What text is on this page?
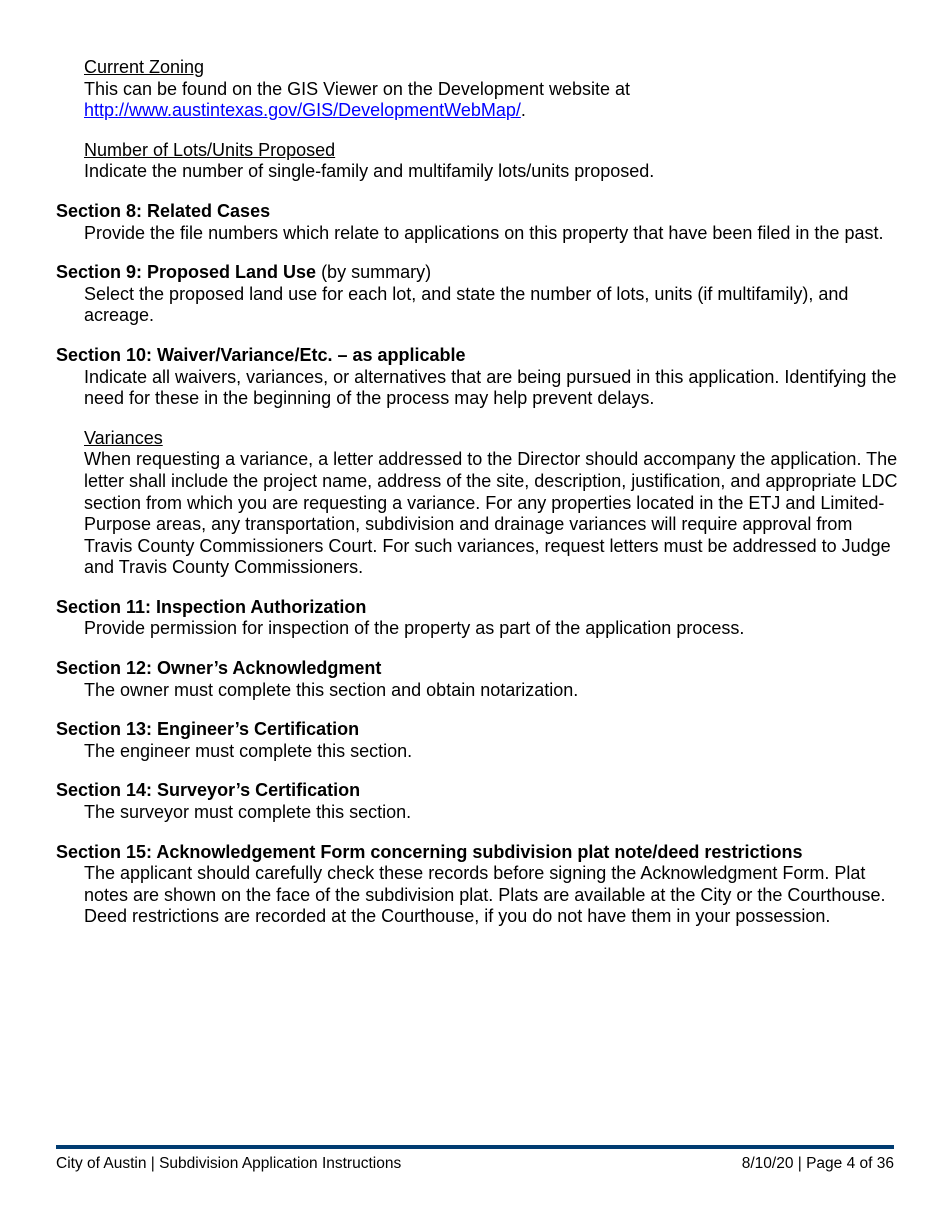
Current Zoning
This can be found on the GIS Viewer on the Development website at
http://www.austintexas.gov/GIS/DevelopmentWebMap/.
Number of Lots/Units Proposed
Indicate the number of single-family and multifamily lots/units proposed.
Section 8: Related Cases
Provide the file numbers which relate to applications on this property that have been filed in the past.
Section 9: Proposed Land Use (by summary)
Select the proposed land use for each lot, and state the number of lots, units (if multifamily), and acreage.
Section 10: Waiver/Variance/Etc. – as applicable
Indicate all waivers, variances, or alternatives that are being pursued in this application. Identifying the need for these in the beginning of the process may help prevent delays.
Variances
When requesting a variance, a letter addressed to the Director should accompany the application. The letter shall include the project name, address of the site, description, justification, and appropriate LDC section from which you are requesting a variance. For any properties located in the ETJ and Limited-Purpose areas, any transportation, subdivision and drainage variances will require approval from Travis County Commissioners Court. For such variances, request letters must be addressed to Judge and Travis County Commissioners.
Section 11: Inspection Authorization
Provide permission for inspection of the property as part of the application process.
Section 12: Owner’s Acknowledgment
The owner must complete this section and obtain notarization.
Section 13: Engineer’s Certification
The engineer must complete this section.
Section 14: Surveyor’s Certification
The surveyor must complete this section.
Section 15: Acknowledgement Form concerning subdivision plat note/deed restrictions
The applicant should carefully check these records before signing the Acknowledgment Form. Plat notes are shown on the face of the subdivision plat. Plats are available at the City or the Courthouse. Deed restrictions are recorded at the Courthouse, if you do not have them in your possession.
City of Austin | Subdivision Application Instructions	8/10/20 | Page 4 of 36
